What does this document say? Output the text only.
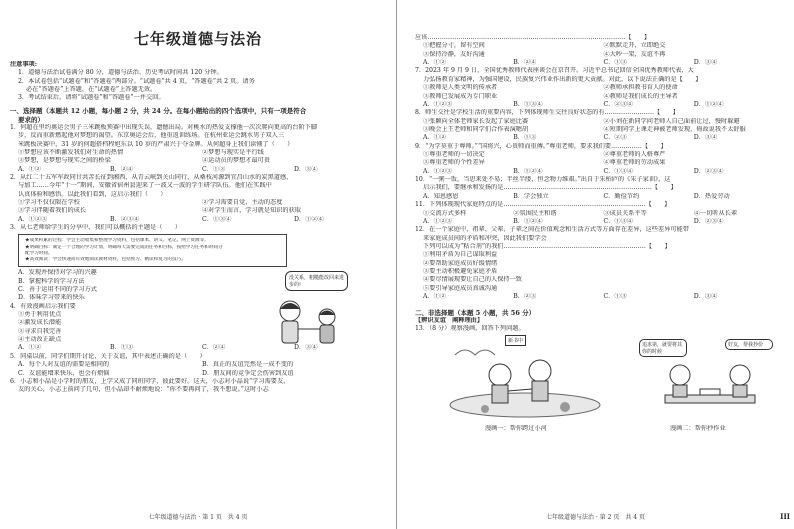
七年级道德与法治
注意事项:
1．道德与法治试卷满分 80 分，道德与法治、历史考试时间共 120 分钟。
2．本试卷包括“试题卷”和“答题卷”两部分。“试题卷”共 4 页，“答题卷”共 2 页。请务
必在“答题卷”上答题，在“试题卷”上答题无效。
3．考试结束后，请将“试题卷”和“答题卷”一并交回。
一、选择题（本题共 12 小题，每小题 2 分，共 24 分。在每小题给出的四个选项中，只有一项是符合
要求的）
1．何超在里约奥运会男子三米跳板预赛中出现失误，遗憾出局。对桃水的热爱支撑他一次次爬向更高的台阶下脚
步，反而重新燃起他对梦想的渴望。东京奥运会后，他重返训练场。在杭州亚运会跳水男子双人三
米跳板决赛中，31 岁的何超搭档程旭东以 10 岁的严肃兴于夺金牌。从何超身上我们读懂了（　　）
①梦想应该不断激发我们对生命的热情	②梦想与现实是平行线
③梦想，是梦想与现实之间的桥梁	④运动员的梦想才最可贵
A．①②	B．②④	C．①③	D．③④
2．从红二十五军军政同甘共苦长征到湘西，从青云峡到关山同行，从桑枝河源到宜昌山水的炭黑道感，
与加工……今年“十一”期间，安徽省宿州县迎来了一波又一波的学生研学队伍。他们在实践中
认真体验和感悟。以此我们看到，这启示我们（　　）
①学习不仅仅限在学校	②学习需要自觉，主动的态度
③学习伴随着我们的成长	④对学生而言，学习就是知识的获取
A．①②③	B．②③④	C．①③④	D．①②④
3．从七老师给学生的分享中，我们可以概括的主题是（　　）
★成果积累的过程：学会主动收集和整理学习资料，包括课本、讲义、笔记、网上资源等。
★明确目标：制定一个合理的学习计划，明确每天需要完成的任务和目标，按照学习任务和时间分
配学习时间。
★高效阅读：学会快速而有效地阅读教材资料，包括预习、精读和复习的技巧。
A．发现并保持对学习的兴趣
B．掌握科学的学习方法
C．善于运用不同的学习方式
D．体味学习带来的快乐
4．有效漫画启示我们要
①勇于利用优点
②激发成长潜能
③寻求自我完善
④主动改正缺点
没关系，粗糙能改回来进步的!
A．①②	B．①③	C．②④	D．③④
5．同桌以前，同学们期开讨论，关于友谊，其中表述正确的是（　　）
A．每个人对友谊的需要是相同的	B．真正的友谊完然是一成不变的
C．友谊能增来快乐，也会有烦恼	D．朋友间的竞争定会伤害到友谊
6．小志和小晶是小学时的朋友，上学又成了同班同学，彼此要好。这天，小志对小晶说“学习需要友，
友的关心，小志上前问了几句，但小晶却不耐烦地说：“你不要再问了，我不想说。”这时小志
七年级道德与法治 · 第 1 页　共 4 页
应该……………………………………………………………………………………【　　】
①把握分寸，留有空间	②默默走开，立即绝交
③保持冷静，友好沟通	④大吵一架，友谊不再
A．①②	B．②④	C．①③	D．③④
7．2023 年 9 月 9 日，全国优秀教师代表座谈会在京召开。习近平总书记回信全国优秀教师代表，大
力弘扬教育家精神，为强国建设，民族复兴伟业作出新的更大贡献。对此，以下说法正确的是【　　】
①教师是人类文明的传承者	②教师承担教书育人的使命
③教师已发展成为专门职业	④教师是我们成长的主导者
A．①②③	B．①③④	C．②③④	D．①②④
8．师生交往是学校生活的重要内容，下列体现师生交往良好状态的有……………………【　　】
①张颖向全体老师家长发起了家庭比赛	②小刘在新同学问老师人自己面前让过，慢时躲避
③晚会上王老师和同学们合作表演嗯胡	④短期同学上课走神被老师发现，倚故说我不太舒服
A．①②	B．①③	C．②③	D．③④
9．“为学莫重于尊师。”“国将兴，心贵师而重傅。”尊重老师，要求我们要……………【　　】
①尊重老师的一切决定	②尊重老师的人格尊严
③尊重老师的个性差异	④尊重老师的劳动成果
A．①②③	B．①②④	C．①③④	D．②③④
10．“一粥一饭，当思来处不易；半丝半缕，恒念物力维艰。”出自于朱柏庐的《朱子家训》，这
启示我们，要继承和发扬的是………………………………………………………………【　　】
A．知恩感恩	B．学会独立	C．勤俭节约	D．热爱劳动
11．下列体现现代家庭特点的是……………………………………………………………【　　】
①交流方式多样	②氛围民主和谐	③成员关系平等	④一切听从长辈
A．①②③	B．①②④	C．①③④	D．②③④
12．在一个家庭中，祖辈、父辈、子辈之间在价值观念和生活方式等方面存在差异，这些差异可能带
来家庭成员间的矛盾和冲突，因此我们要学会
下列可以成为“粘合剂”的我们……………………………………………………………【　　】
①利用矛盾为自己谋取利益
②要帮助家庭成员好缓情绪
③要主动积极避免家庭矛盾
④要尽情展现要让自己的人保持一致
⑤要引导家庭成员真诚沟通
A．①②	B．②③	C．①③	D．③④
二、非选择题（本题 5 小题，共 56 分）
【辨识友谊　阐释理由】
13．（8 分）观察漫画，回答下列问题。
新书中
追求第，就要将其你的时候
好友，帮我抄份
漫画一：帮你跨过小河	漫画二：帮你抄作业
七年级道德与法治 · 第 2 页　共 4 页	III
